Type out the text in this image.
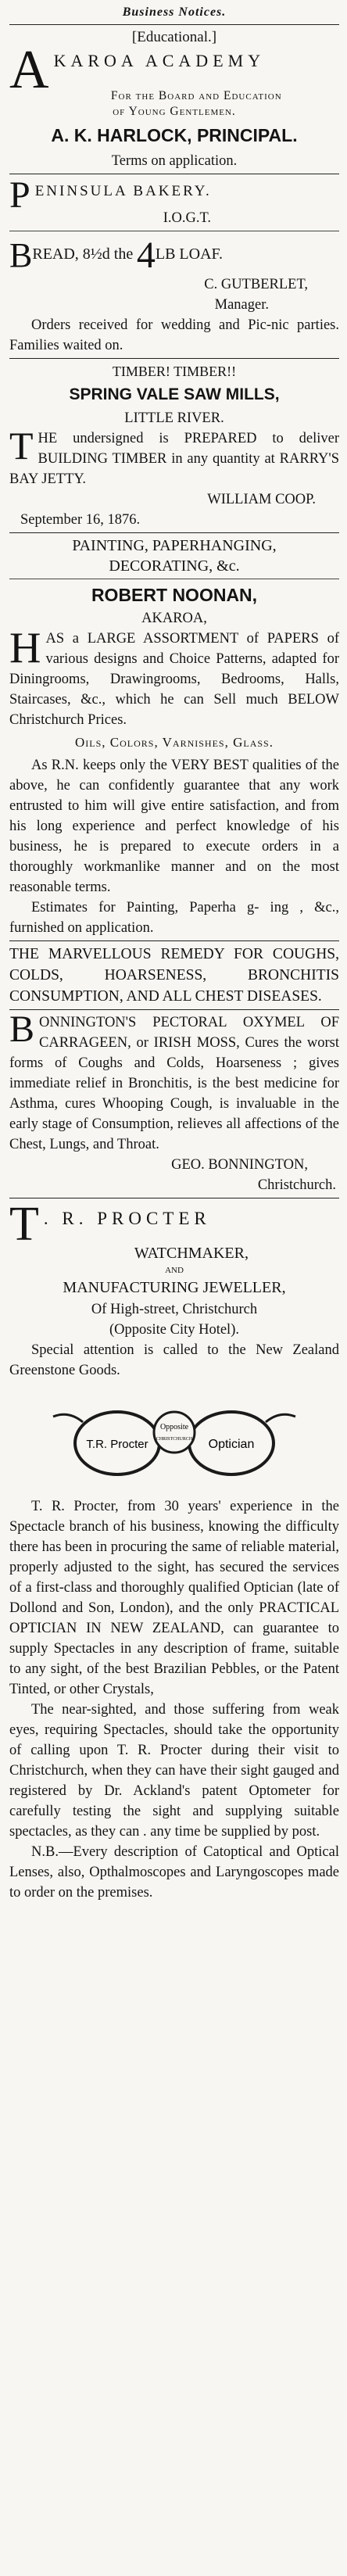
Business Notices.
[Educational.]
A KAROA ACADEMY
For the Board and Education
of Young Gentlemen.
A. K. HARLOCK, PRINCIPAL.
Terms on application.
P ENINSULA BAKERY.
I.O.G.T.
BREAD, 8½d the 4LB LOAF.
C. GUTBERLET,
Manager.
Orders received for wedding and Pic-nic parties. Families waited on.
TIMBER! TIMBER!!
SPRING VALE SAW MILLS,
LITTLE RIVER.
T HE undersigned is PREPARED to deliver BUILDING TIMBER in any quantity at RARRY'S BAY JETTY.
WILLIAM COOP.
September 16, 1876.
PAINTING, PAPERHANGING,
DECORATING, &c.
ROBERT NOONAN,
AKAROA,
H AS a LARGE ASSORTMENT of PAPERS of various designs and Choice Patterns, adapted for Diningrooms, Drawingrooms, Bedrooms, Halls, Staircases, &c., which he can Sell much BELOW Christchurch Prices.
Oils, Colors, Varnishes, Glass.
As R.N. keeps only the VERY BEST qualities of the above, he can confidently guarantee that any work entrusted to him will give entire satisfaction, and from his long experience and perfect knowledge of his business, he is prepared to execute orders in a thoroughly workmanlike manner and on the most reasonable terms.
Estimates for Painting, Paperha g- ing , &c., furnished on application.
THE MARVELLOUS REMEDY FOR COUGHS, COLDS, HOARSENESS, BRONCHITIS CONSUMPTION, AND ALL CHEST DISEASES.
B ONNINGTON'S PECTORAL OXYMEL OF CARRAGEEN, or IRISH MOSS, Cures the worst forms of Coughs and Colds, Hoarseness ; gives immediate relief in Bronchitis, is the best medicine for Asthma, cures Whooping Cough, is invaluable in the early stage of Consumption, relieves all affections of the Chest, Lungs, and Throat.
GEO. BONNINGTON,
Christchurch.
T . R. PROCTER
WATCHMAKER,
AND
MANUFACTURING JEWELLER,
Of High-street, Christchurch
(Opposite City Hotel).
Special attention is called to the New Zealand Greenstone Goods.
T.R. Procter	Optician
Opposite
CHRISTCHURCH
T. R. Procter, from 30 years' experience in the Spectacle branch of his business, knowing the difficulty there has been in procuring the same of reliable material, properly adjusted to the sight, has secured the services of a first-class and thoroughly qualified Optician (late of Dollond and Son, London), and the only PRACTICAL OPTICIAN IN NEW ZEALAND, can guarantee to supply Spectacles in any description of frame, suitable to any sight, of the best Brazilian Pebbles, or the Patent Tinted, or other Crystals,
The near-sighted, and those suffering from weak eyes, requiring Spectacles, should take the opportunity of calling upon T. R. Procter during their visit to Christchurch, when they can have their sight gauged and registered by Dr. Ackland's patent Optometer for carefully testing the sight and supplying suitable spectacles, as they can . any time be supplied by post.
N.B.—Every description of Catoptical and Optical Lenses, also, Opthalmoscopes and Laryngoscopes made to order on the premises.
